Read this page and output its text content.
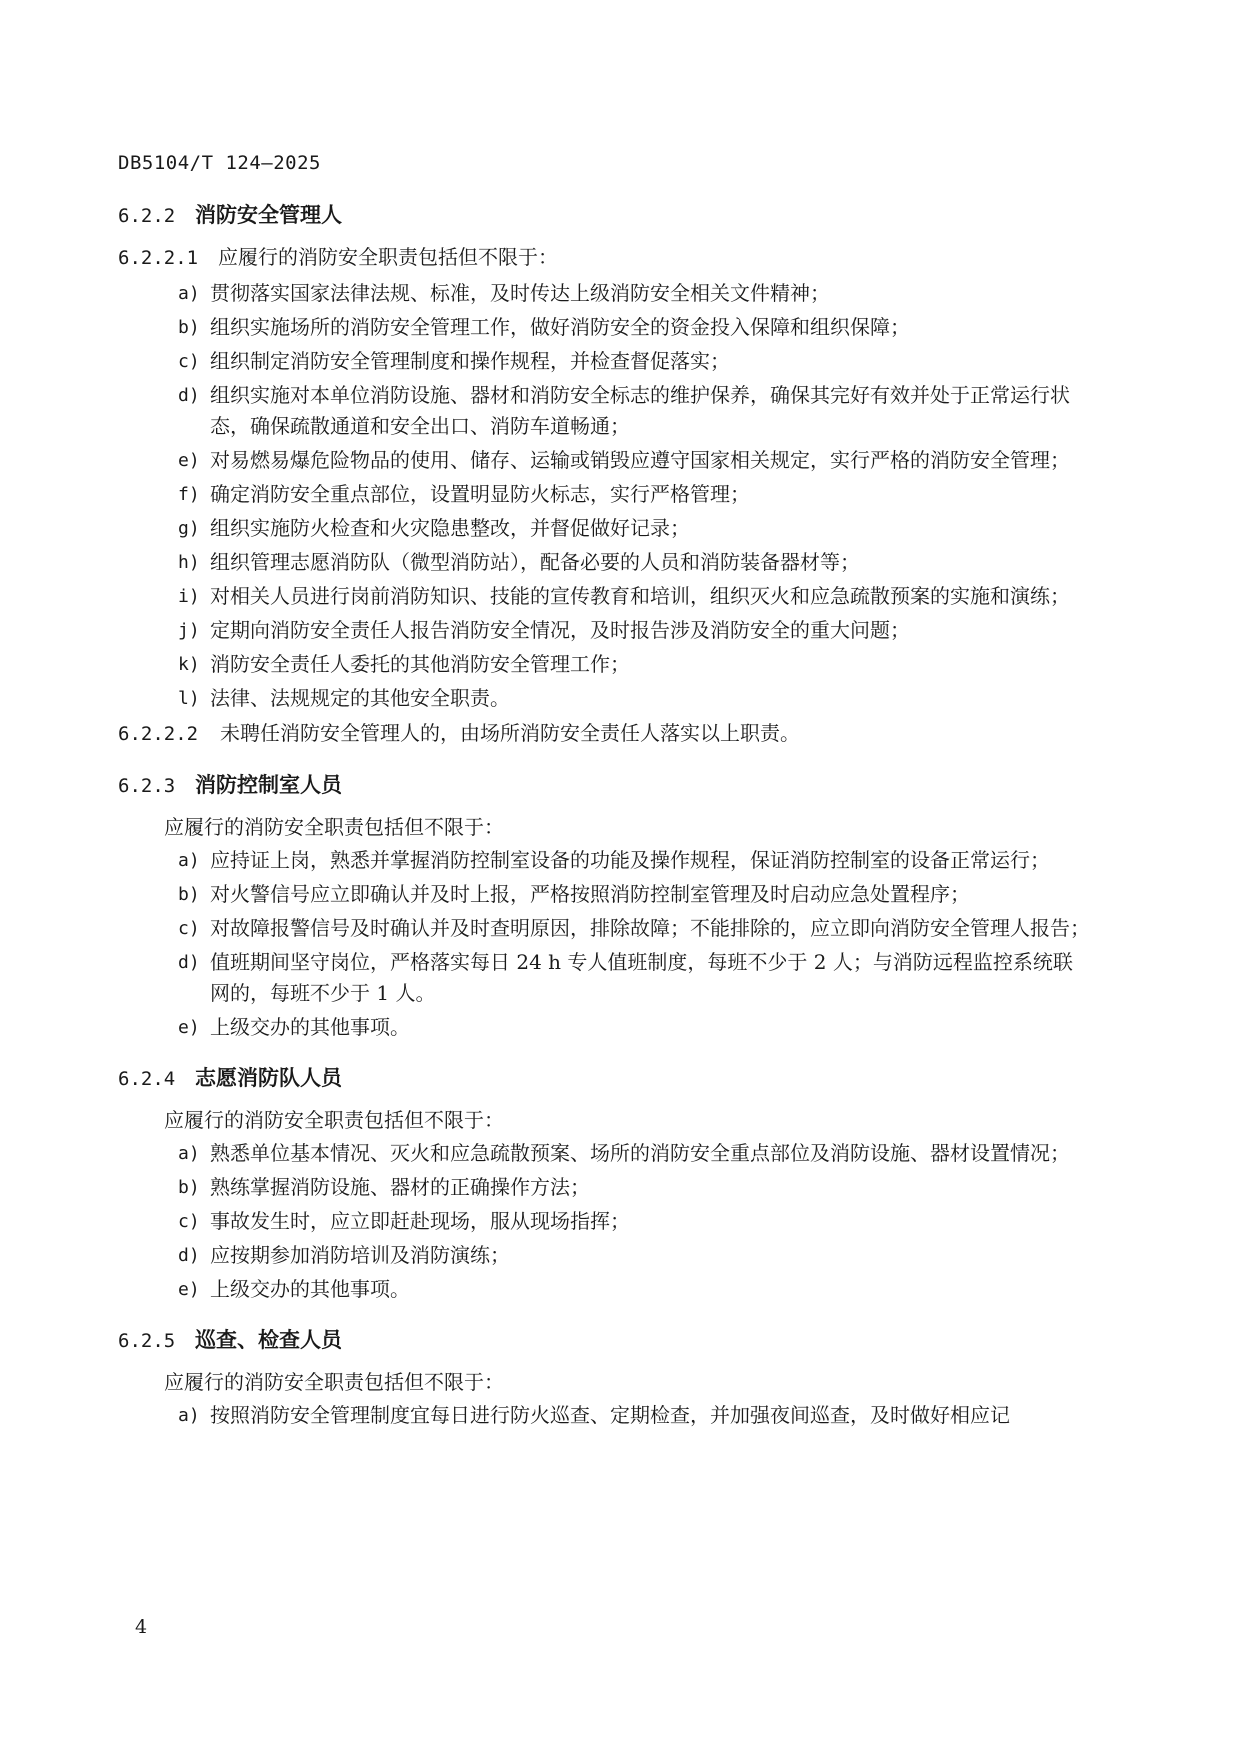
DB5104/T 124—2025
6.2.2 消防安全管理人
6.2.2.1 应履行的消防安全职责包括但不限于：
a) 贯彻落实国家法律法规、标准，及时传达上级消防安全相关文件精神；
b) 组织实施场所的消防安全管理工作，做好消防安全的资金投入保障和组织保障；
c) 组织制定消防安全管理制度和操作规程，并检查督促落实；
d) 组织实施对本单位消防设施、器材和消防安全标志的维护保养，确保其完好有效并处于正常运行状态，确保疏散通道和安全出口、消防车道畅通；
e) 对易燃易爆危险物品的使用、储存、运输或销毁应遵守国家相关规定，实行严格的消防安全管理；
f) 确定消防安全重点部位，设置明显防火标志，实行严格管理；
g) 组织实施防火检查和火灾隐患整改，并督促做好记录；
h) 组织管理志愿消防队（微型消防站），配备必要的人员和消防装备器材等；
i) 对相关人员进行岗前消防知识、技能的宣传教育和培训，组织灭火和应急疏散预案的实施和演练；
j) 定期向消防安全责任人报告消防安全情况，及时报告涉及消防安全的重大问题；
k) 消防安全责任人委托的其他消防安全管理工作；
l) 法律、法规规定的其他安全职责。
6.2.2.2 未聘任消防安全管理人的，由场所消防安全责任人落实以上职责。
6.2.3 消防控制室人员

应履行的消防安全职责包括但不限于：

a) 应持证上岗，熟悉并掌握消防控制室设备的功能及操作规程，保证消防控制室的设备正常运行；
b) 对火警信号应立即确认并及时上报，严格按照消防控制室管理及时启动应急处置程序；
c) 对故障报警信号及时确认并及时查明原因，排除故障；不能排除的，应立即向消防安全管理人报告；
d) 值班期间坚守岗位，严格落实每日 24 h 专人值班制度，每班不少于 2 人；与消防远程监控系统联网的，每班不少于 1 人。
e) 上级交办的其他事项。
6.2.4 志愿消防队人员

应履行的消防安全职责包括但不限于：

a) 熟悉单位基本情况、灭火和应急疏散预案、场所的消防安全重点部位及消防设施、器材设置情况；
b) 熟练掌握消防设施、器材的正确操作方法；
c) 事故发生时，应立即赶赴现场，服从现场指挥；
d) 应按期参加消防培训及消防演练；
e) 上级交办的其他事项。
6.2.5 巡查、检查人员

应履行的消防安全职责包括但不限于：

a) 按照消防安全管理制度宜每日进行防火巡查、定期检查，并加强夜间巡查，及时做好相应记
4
